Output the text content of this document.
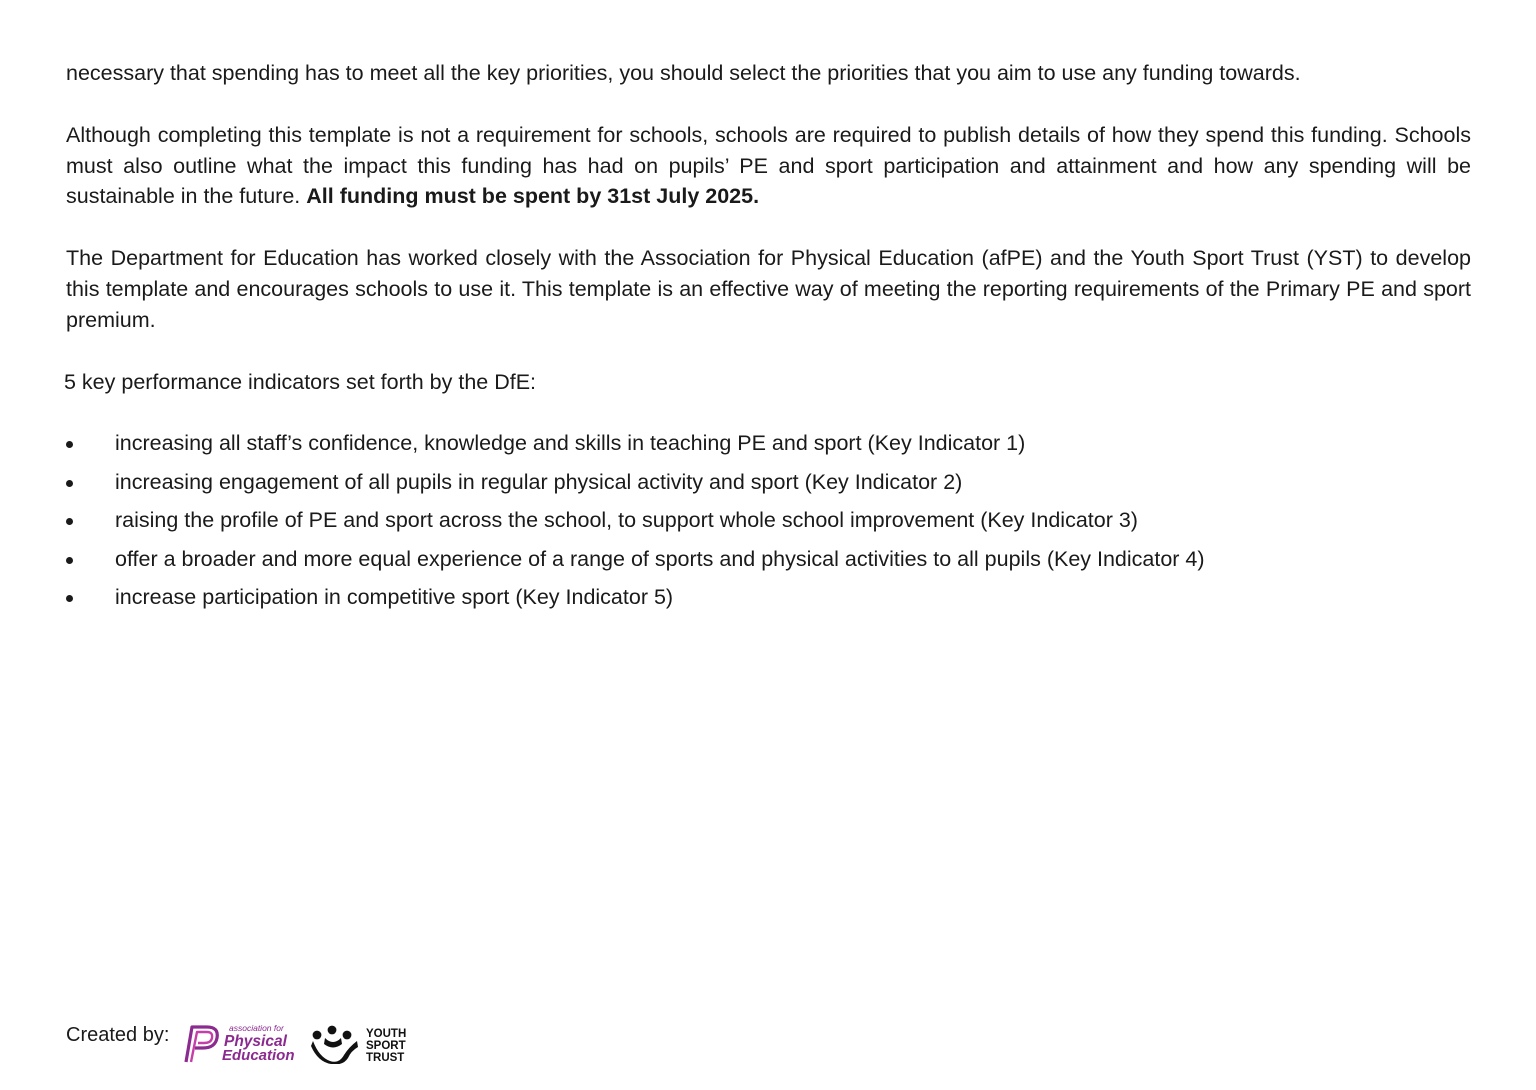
necessary that spending has to meet all the key priorities, you should select the priorities that you aim to use any funding towards.

Although completing this template is not a requirement for schools, schools are required to publish details of how they spend this funding. Schools must also outline what the impact this funding has had on pupils’ PE and sport participation and attainment and how any spending will be sustainable in the future. All funding must be spent by 31st July 2025.

The Department for Education has worked closely with the Association for Physical Education (afPE) and the Youth Sport Trust (YST) to develop this template and encourages schools to use it. This template is an effective way of meeting the reporting requirements of the Primary PE and sport premium.

5 key performance indicators set forth by the DfE:

increasing all staff’s confidence, knowledge and skills in teaching PE and sport (Key Indicator 1)
increasing engagement of all pupils in regular physical activity and sport (Key Indicator 2)
raising the profile of PE and sport across the school, to support whole school improvement (Key Indicator 3)
offer a broader and more equal experience of a range of sports and physical activities to all pupils (Key Indicator 4)
increase participation in competitive sport (Key Indicator 5)
Created by:	association for
Physical
Education
YOUTH
SPORT
TRUST
